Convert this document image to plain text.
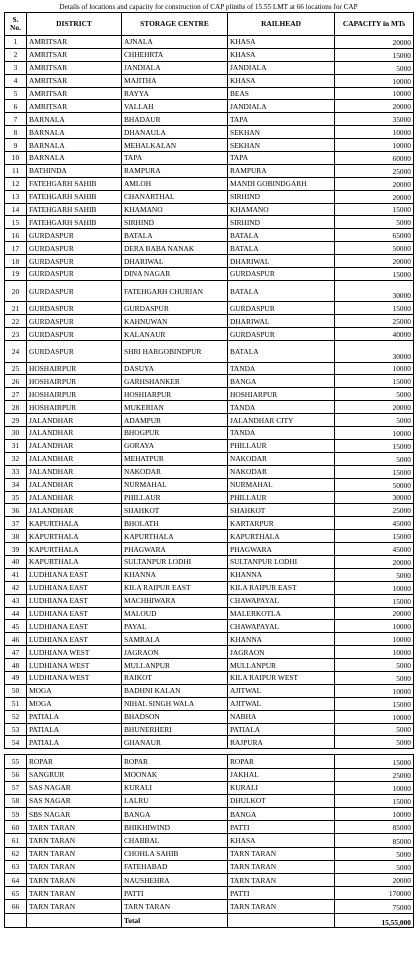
Details of locations and capacity for construction of CAP plinths of 15.55 LMT at 66 locations for CAP
S. No.	DISTRICT	STORAGE CENTRE	RAILHEAD	CAPACITY in MTs
1	AMRITSAR	AJNALA	KHASA	20000
2	AMRITSAR	CHHEHRTA	KHASA	15000
3	AMRITSAR	JANDIALA	JANDIALA	5000
4	AMRITSAR	MAJITHA	KHASA	10000
5	AMRITSAR	RAYYA	BEAS	10000
6	AMRITSAR	VALLAH	JANDIALA	20000
7	BARNALA	BHADAUR	TAPA	35000
8	BARNALA	DHANAULA	SEKHAN	10000
9	BARNALA	MEHALKALAN	SEKHAN	10000
10	BARNALA	TAPA	TAPA	60000
11	BATHINDA	RAMPURA	RAMPURA	25000
12	FATEHGARH SAHIB	AMLOH	MANDI GOBINDGARH	20000
13	FATEHGARH SAHIB	CHANARTHAL	SIRHIND	20000
14	FATEHGARH SAHIB	KHAMANO	KHAMANO	15000
15	FATEHGARH SAHIB	SIRHIND	SIRHIND	5000
16	GURDASPUR	BATALA	BATALA	65000
17	GURDASPUR	DERA BABA NANAK	BATALA	50000
18	GURDASPUR	DHARIWAL	DHARIWAL	20000
19	GURDASPUR	DINA NAGAR	GURDASPUR	15000
20	GURDASPUR	FATEHGARH CHURIAN	BATALA	30000
21	GURDASPUR	GURDASPUR	GURDASPUR	15000
22	GURDASPUR	KAHNUWAN	DHARIWAL	25000
23	GURDASPUR	KALANAUR	GURDASPUR	40000
24	GURDASPUR	SHRI HARGOBINDPUR	BATALA	30000
25	HOSHAIRPUR	DASUYA	TANDA	10000
26	HOSHAIRPUR	GARHSHANKER	BANGA	15000
27	HOSHAIRPUR	HOSHIARPUR	HOSHIARPUR	5000
28	HOSHAIRPUR	MUKERIAN	TANDA	20000
29	JALANDHAR	ADAMPUR	JALANDHAR CITY	5000
30	JALANDHAR	BHOGPUR	TANDA	10000
31	JALANDHAR	GORAYA	PHILLAUR	15000
32	JALANDHAR	MEHATPUR	NAKODAR	5000
33	JALANDHAR	NAKODAR	NAKODAR	15000
34	JALANDHAR	NURMAHAL	NURMAHAL	50000
35	JALANDHAR	PHILLAUR	PHILLAUR	30000
36	JALANDHAR	SHAHKOT	SHAHKOT	25000
37	KAPURTHALA	BHOLATH	KARTARPUR	45000
38	KAPURTHALA	KAPURTHALA	KAPURTHALA	15000
39	KAPURTHALA	PHAGWARA	PHAGWARA	45000
40	KAPURTHALA	SULTANPUR LODHI	SULTANPUR LODHI	20000
41	LUDHIANA EAST	KHANNA	KHANNA	5000
42	LUDHIANA EAST	KILA RAIPUR EAST	KILA RAIPUR EAST	10000
43	LUDHIANA EAST	MACHHIWARA	CHAWAPAYAL	15000
44	LUDHIANA EAST	MALOUD	MALERKOTLA	20000
45	LUDHIANA EAST	PAYAL	CHAWAPAYAL	10000
46	LUDHIANA EAST	SAMRALA	KHANNA	10000
47	LUDHIANA WEST	JAGRAON	JAGRAON	10000
48	LUDHIANA WEST	MULLANPUR	MULLANPUR	5000
49	LUDHIANA WEST	RAIKOT	KILA RAIPUR WEST	5000
50	MOGA	BADHNI KALAN	AJITWAL	10000
51	MOGA	NIHAL SINGH WALA	AJITWAL	15000
52	PATIALA	BHADSON	NABHA	10000
53	PATIALA	BHUNERHERI	PATIALA	5000
54	PATIALA	GHANAUR	RAJPURA	5000
55	ROPAR	ROPAR	ROPAR	15000
56	SANGRUR	MOONAK	JAKHAL	25000
57	SAS NAGAR	KURALI	KURALI	10000
58	SAS NAGAR	LALRU	DHULKOT	15000
59	SBS NAGAR	BANGA	BANGA	10000
60	TARN TARAN	BHIKHIWIND	PATTI	85000
61	TARN TARAN	CHABBAL	KHASA	85000
62	TARN TARAN	CHOHLA SAHIB	TARN TARAN	5000
63	TARN TARAN	FATEHABAD	TARN TARAN	5000
64	TARN TARAN	NAUSHEHRA	TARN TARAN	20000
65	TARN TARAN	PATTI	PATTI	170000
66	TARN TARAN	TARN TARAN	TARN TARAN	75000
		Total		15,55,000
